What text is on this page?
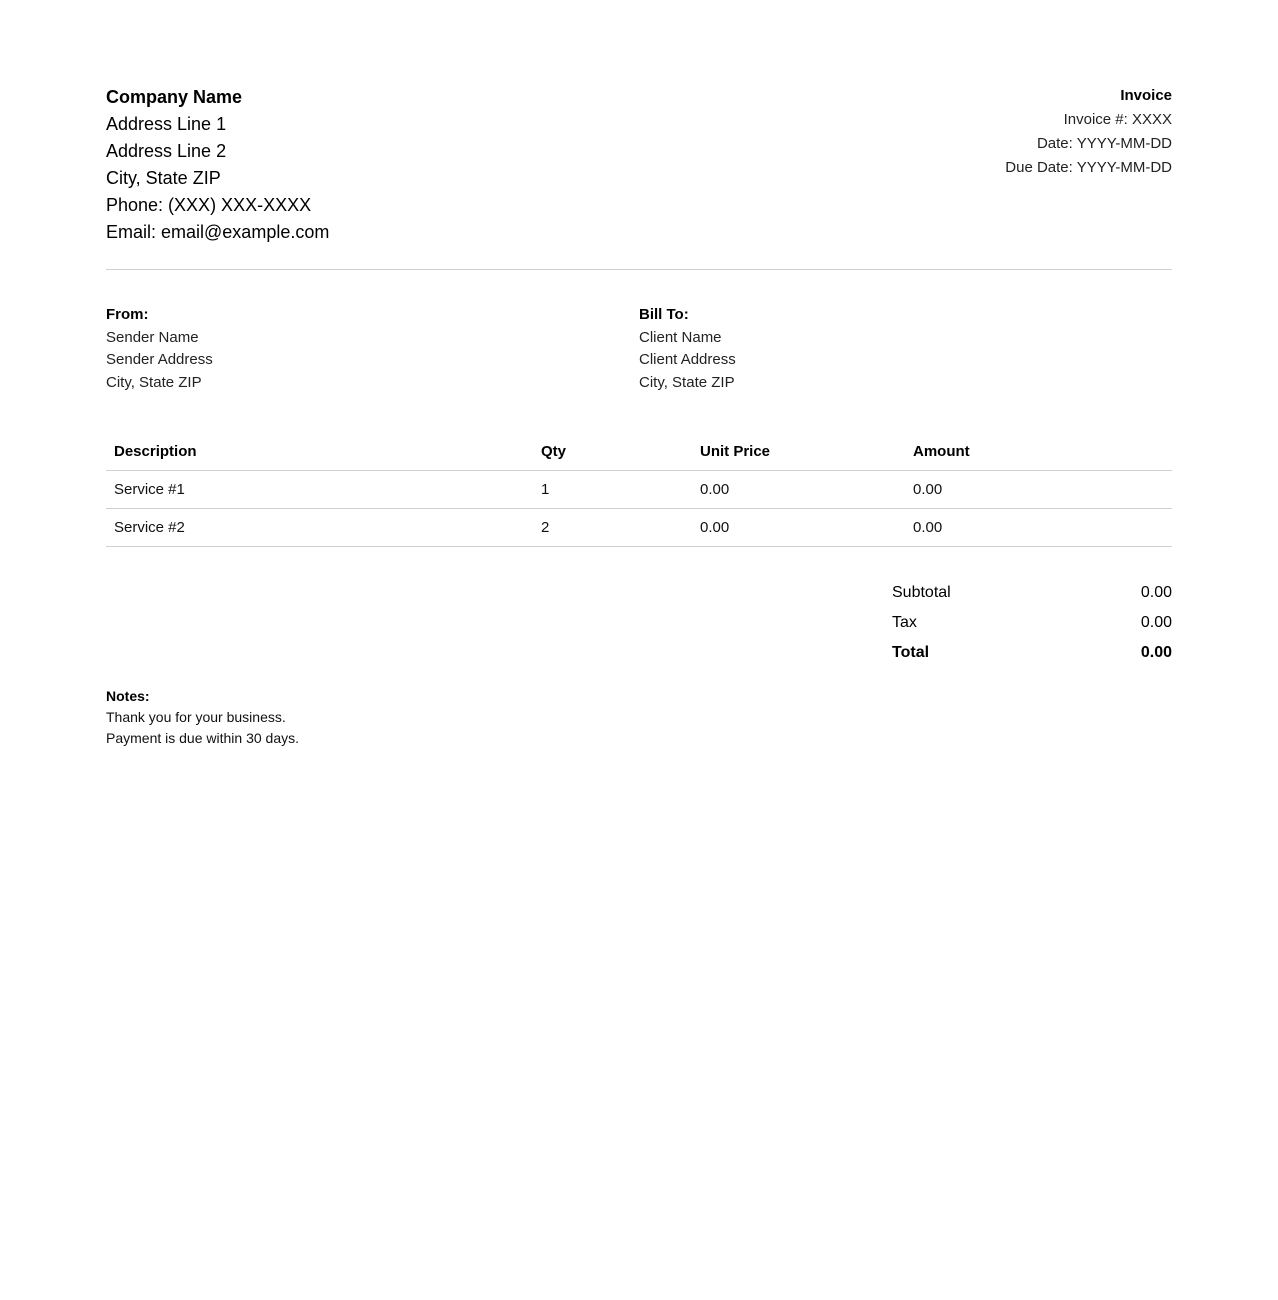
Company Name
Address Line 1
Address Line 2
City, State ZIP
Phone: (XXX) XXX-XXXX
Email: email@example.com
Invoice
Invoice #: XXXX
Date: YYYY-MM-DD
Due Date: YYYY-MM-DD
From:
Sender Name
Sender Address
City, State ZIP
Bill To:
Client Name
Client Address
City, State ZIP
Description	Qty	Unit Price	Amount
Service #1	1	0.00	0.00
Service #2	2	0.00	0.00
Subtotal	0.00
Tax	0.00
Total	0.00
Notes:
Thank you for your business.
Payment is due within 30 days.
